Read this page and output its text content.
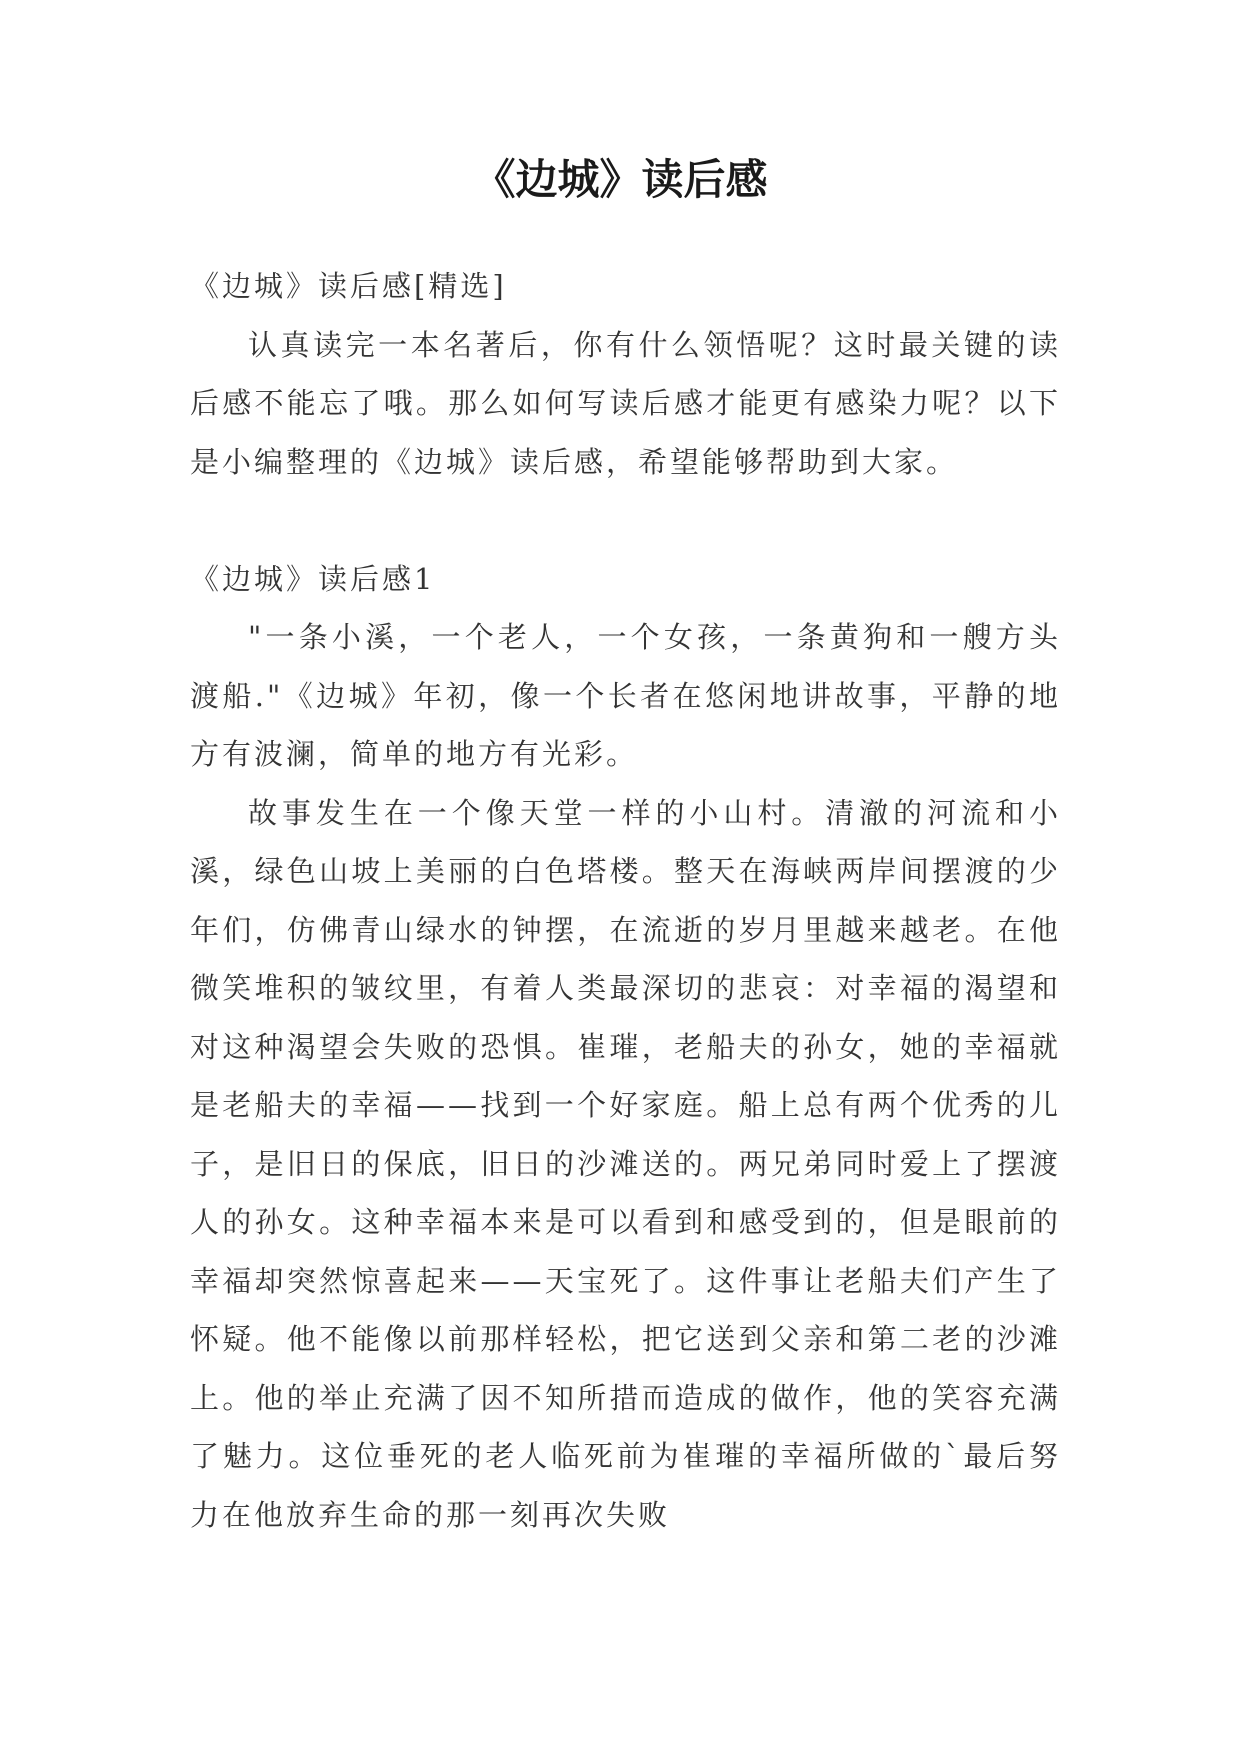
《边城》读后感

《边城》读后感[精选]

认真读完一本名著后，你有什么领悟呢？这时最关键的读后感不能忘了哦。那么如何写读后感才能更有感染力呢？以下是小编整理的《边城》读后感，希望能够帮助到大家。

《边城》读后感1

"一条小溪，一个老人，一个女孩，一条黄狗和一艘方头渡船."《边城》年初，像一个长者在悠闲地讲故事，平静的地方有波澜，简单的地方有光彩。

故事发生在一个像天堂一样的小山村。清澈的河流和小溪，绿色山坡上美丽的白色塔楼。整天在海峡两岸间摆渡的少年们，仿佛青山绿水的钟摆，在流逝的岁月里越来越老。在他微笑堆积的皱纹里，有着人类最深切的悲哀：对幸福的渴望和对这种渴望会失败的恐惧。崔璀，老船夫的孙女，她的幸福就是老船夫的幸福——找到一个好家庭。船上总有两个优秀的儿子，是旧日的保底，旧日的沙滩送的。两兄弟同时爱上了摆渡人的孙女。这种幸福本来是可以看到和感受到的，但是眼前的幸福却突然惊喜起来——天宝死了。这件事让老船夫们产生了怀疑。他不能像以前那样轻松，把它送到父亲和第二老的沙滩上。他的举止充满了因不知所措而造成的做作，他的笑容充满了魅力。这位垂死的老人临死前为崔璀的幸福所做的`最后努力在他放弃生命的那一刻再次失败
